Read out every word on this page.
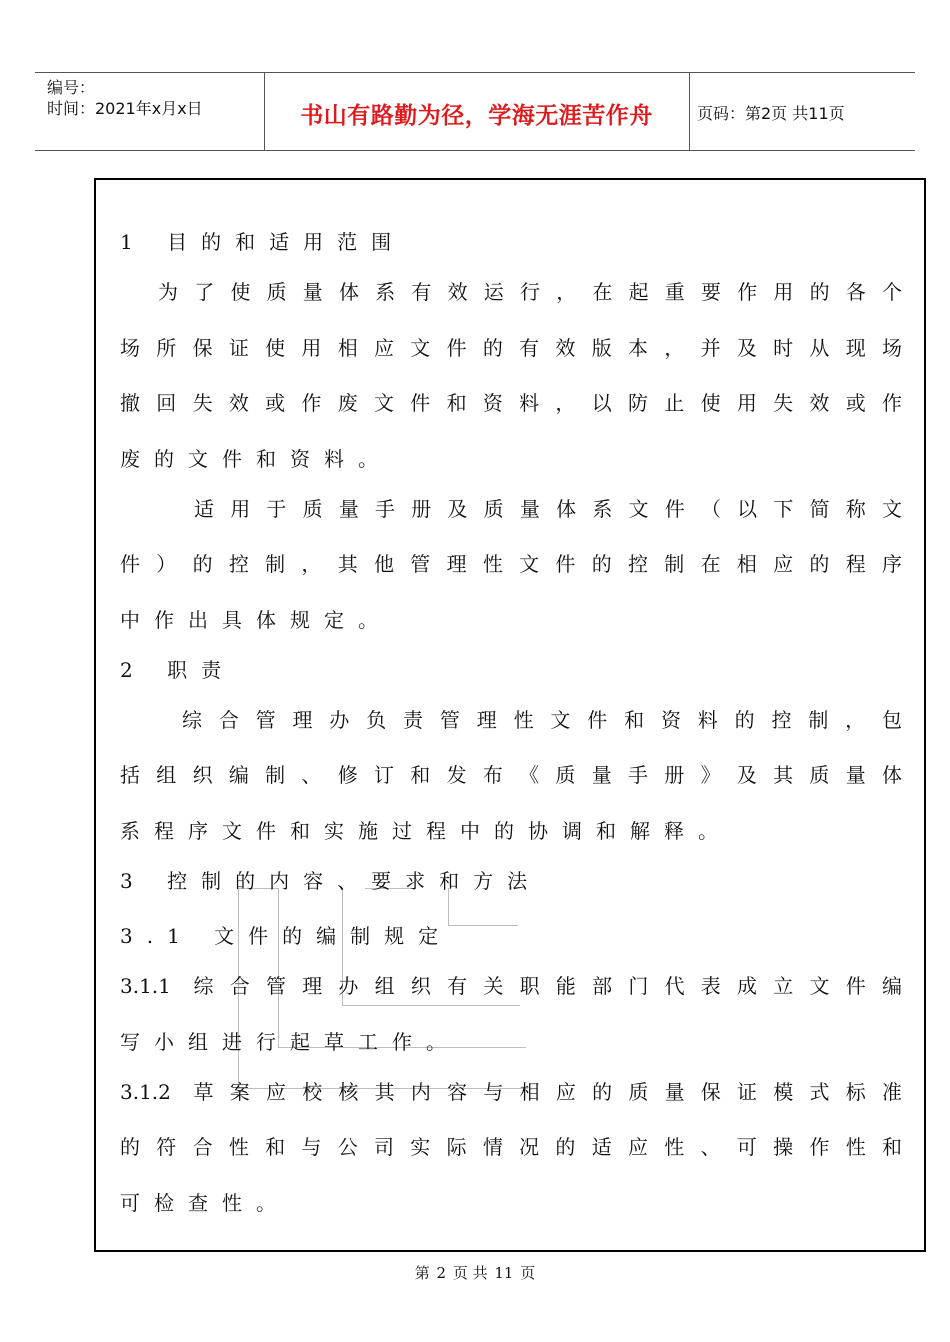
编号：
时间：2021年x月x日	书山有路勤为径，学海无涯苦作舟	页码：第2页 共11页
1 目的和适用范围
为了使质量体系有效运行，在起重要作用的各个
场所保证使用相应文件的有效版本，并及时从现场
撤回失效或作废文件和资料，以防止使用失效或作
废的文件和资料。
适用于质量手册及质量体系文件（以下简称文
件）的控制，其他管理性文件的控制在相应的程序
中作出具体规定。
2 职责
综合管理办负责管理性文件和资料的控制，包
括组织编制、修订和发布《质量手册》及其质量体
系程序文件和实施过程中的协调和解释。
3 控制的内容、要求和方法
3.1 文件的编制规定
3.1.1 综合管理办组织有关职能部门代表成立文件编
写小组进行起草工作。
3.1.2 草案应校核其内容与相应的质量保证模式标准
的符合性和与公司实际情况的适应性、可操作性和
可检查性。
第 2 页 共 11 页
